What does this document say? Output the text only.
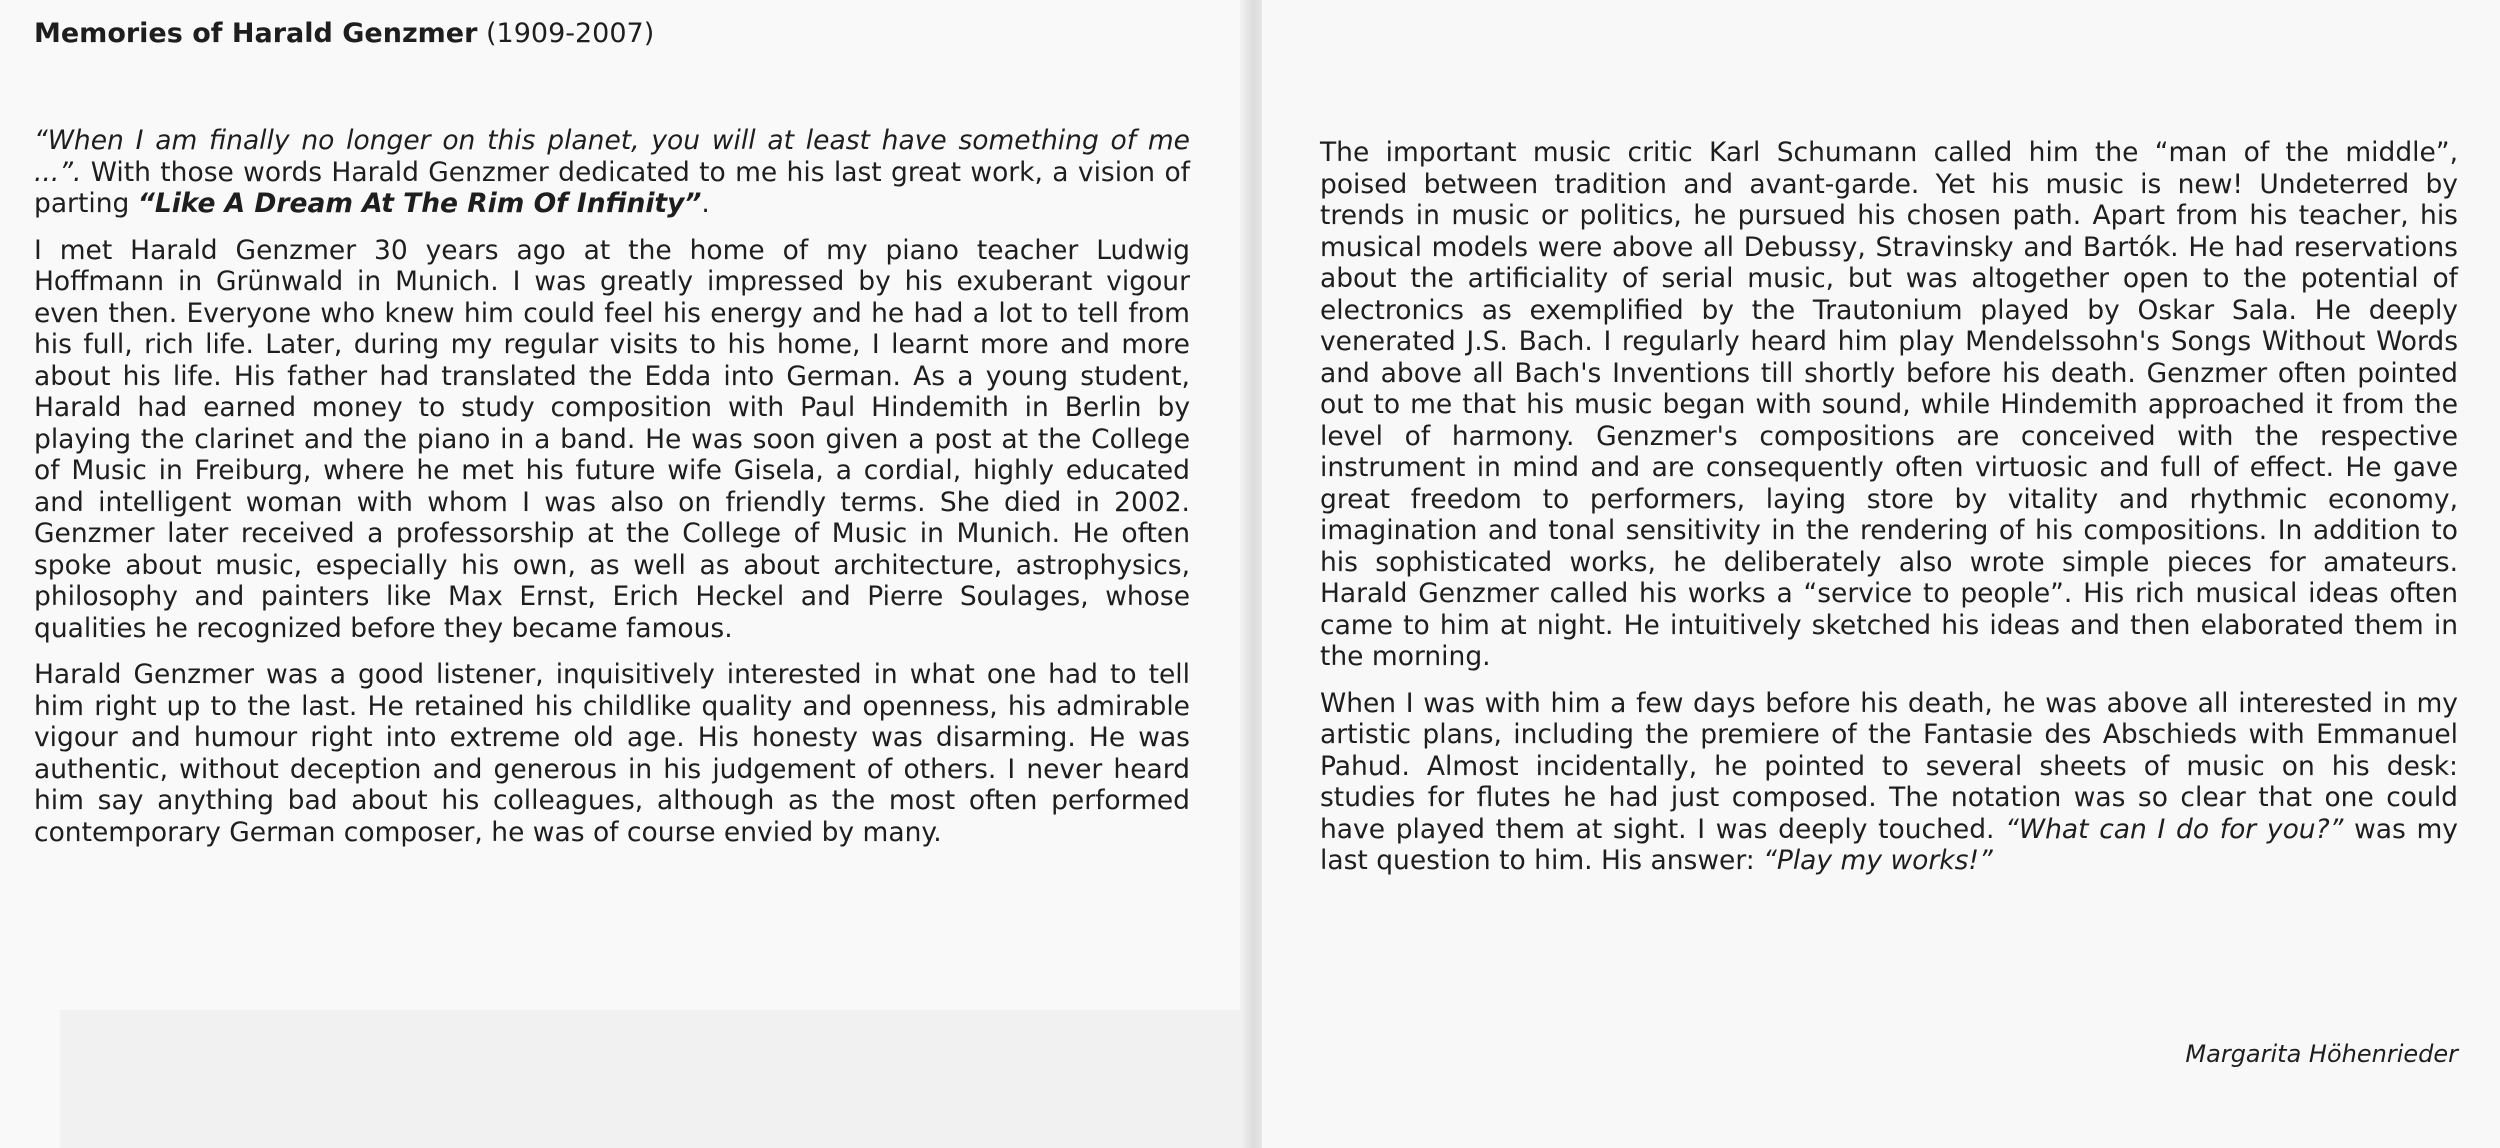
Memories of Harald Genzmer (1909-2007)

“When I am finally no longer on this planet, you will at least have something of me ...”. With those words Harald Genzmer dedicated to me his last great work, a vision of parting “Like A Dream At The Rim Of Infinity”.

I met Harald Genzmer 30 years ago at the home of my piano teacher Ludwig Hoffmann in Grünwald in Munich. I was greatly impressed by his exuberant vigour even then. Everyone who knew him could feel his energy and he had a lot to tell from his full, rich life. Later, during my regular visits to his home, I learnt more and more about his life. His father had translated the Edda into German. As a young student, Harald had earned money to study composition with Paul Hindemith in Berlin by playing the clarinet and the piano in a band. He was soon given a post at the College of Music in Freiburg, where he met his future wife Gisela, a cordial, highly educated and intelligent woman with whom I was also on friendly terms. She died in 2002. Genzmer later received a professorship at the College of Music in Munich. He often spoke about music, especially his own, as well as about architecture, astrophysics, philosophy and painters like Max Ernst, Erich Heckel and Pierre Soulages, whose qualities he recognized before they became famous.

Harald Genzmer was a good listener, inquisitively interested in what one had to tell him right up to the last. He retained his childlike quality and openness, his admirable vigour and humour right into extreme old age. His honesty was disarming. He was authentic, without deception and generous in his judgement of others. I never heard him say anything bad about his colleagues, although as the most often performed contemporary German composer, he was of course envied by many.

The important music critic Karl Schumann called him the “man of the middle”, poised between tradition and avant-garde. Yet his music is new! Undeterred by trends in music or politics, he pursued his chosen path. Apart from his teacher, his musical models were above all Debussy, Stravinsky and Bartók. He had reservations about the artificiality of serial music, but was altogether open to the potential of electronics as exemplified by the Trautonium played by Oskar Sala. He deeply venerated J.S. Bach. I regularly heard him play Mendelssohn's Songs Without Words and above all Bach's Inventions till shortly before his death. Genzmer often pointed out to me that his music began with sound, while Hindemith approached it from the level of harmony. Genzmer's compositions are conceived with the respective instrument in mind and are consequently often virtuosic and full of effect. He gave great freedom to performers, laying store by vitality and rhythmic economy, imagination and tonal sensitivity in the rendering of his compositions. In addition to his sophisticated works, he deliberately also wrote simple pieces for amateurs. Harald Genzmer called his works a “service to people”. His rich musical ideas often came to him at night. He intuitively sketched his ideas and then elaborated them in the morning.

When I was with him a few days before his death, he was above all interested in my artistic plans, including the premiere of the Fantasie des Abschieds with Emmanuel Pahud. Almost incidentally, he pointed to several sheets of music on his desk: studies for flutes he had just composed. The notation was so clear that one could have played them at sight. I was deeply touched. “What can I do for you?” was my last question to him. His answer: “Play my works!”

Margarita Höhenrieder
